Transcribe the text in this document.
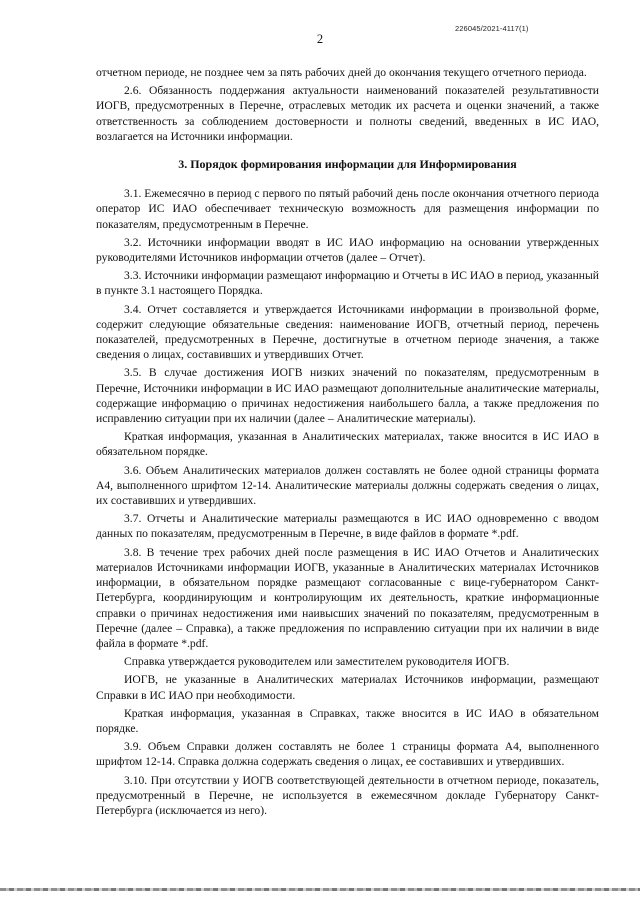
226045/2021-4117(1)
2

отчетном периоде, не позднее чем за пять рабочих дней до окончания текущего отчетного периода.

2.6. Обязанность поддержания актуальности наименований показателей результативности ИОГВ, предусмотренных в Перечне, отраслевых методик их расчета и оценки значений, а также ответственность за соблюдением достоверности и полноты сведений, введенных в ИС ИАО, возлагается на Источники информации.

3. Порядок формирования информации для Информирования

3.1. Ежемесячно в период с первого по пятый рабочий день после окончания отчетного периода оператор ИС ИАО обеспечивает техническую возможность для размещения информации по показателям, предусмотренным в Перечне.

3.2. Источники информации вводят в ИС ИАО информацию на основании утвержденных руководителями Источников информации отчетов (далее – Отчет).

3.3. Источники информации размещают информацию и Отчеты в ИС ИАО в период, указанный в пункте 3.1 настоящего Порядка.

3.4. Отчет составляется и утверждается Источниками информации в произвольной форме, содержит следующие обязательные сведения: наименование ИОГВ, отчетный период, перечень показателей, предусмотренных в Перечне, достигнутые в отчетном периоде значения, а также сведения о лицах, составивших и утвердивших Отчет.

3.5. В случае достижения ИОГВ низких значений по показателям, предусмотренным в Перечне, Источники информации в ИС ИАО размещают дополнительные аналитические материалы, содержащие информацию о причинах недостижения наибольшего балла, а также предложения по исправлению ситуации при их наличии (далее – Аналитические материалы).

Краткая информация, указанная в Аналитических материалах, также вносится в ИС ИАО в обязательном порядке.

3.6. Объем Аналитических материалов должен составлять не более одной страницы формата А4, выполненного шрифтом 12-14. Аналитические материалы должны содержать сведения о лицах, их составивших и утвердивших.

3.7. Отчеты и Аналитические материалы размещаются в ИС ИАО одновременно с вводом данных по показателям, предусмотренным в Перечне, в виде файлов в формате *.pdf.

3.8. В течение трех рабочих дней после размещения в ИС ИАО Отчетов и Аналитических материалов Источниками информации ИОГВ, указанные в Аналитических материалах Источников информации, в обязательном порядке размещают согласованные с вице-губернатором Санкт-Петербурга, координирующим и контролирующим их деятельность, краткие информационные справки о причинах недостижения ими наивысших значений по показателям, предусмотренным в Перечне (далее – Справка), а также предложения по исправлению ситуации при их наличии в виде файла в формате *.pdf.

Справка утверждается руководителем или заместителем руководителя ИОГВ.

ИОГВ, не указанные в Аналитических материалах Источников информации, размещают Справки в ИС ИАО при необходимости.

Краткая информация, указанная в Справках, также вносится в ИС ИАО в обязательном порядке.

3.9. Объем Справки должен составлять не более 1 страницы формата А4, выполненного шрифтом 12-14. Справка должна содержать сведения о лицах, ее составивших и утвердивших.

3.10. При отсутствии у ИОГВ соответствующей деятельности в отчетном периоде, показатель, предусмотренный в Перечне, не используется в ежемесячном докладе Губернатору Санкт-Петербурга (исключается из него).
